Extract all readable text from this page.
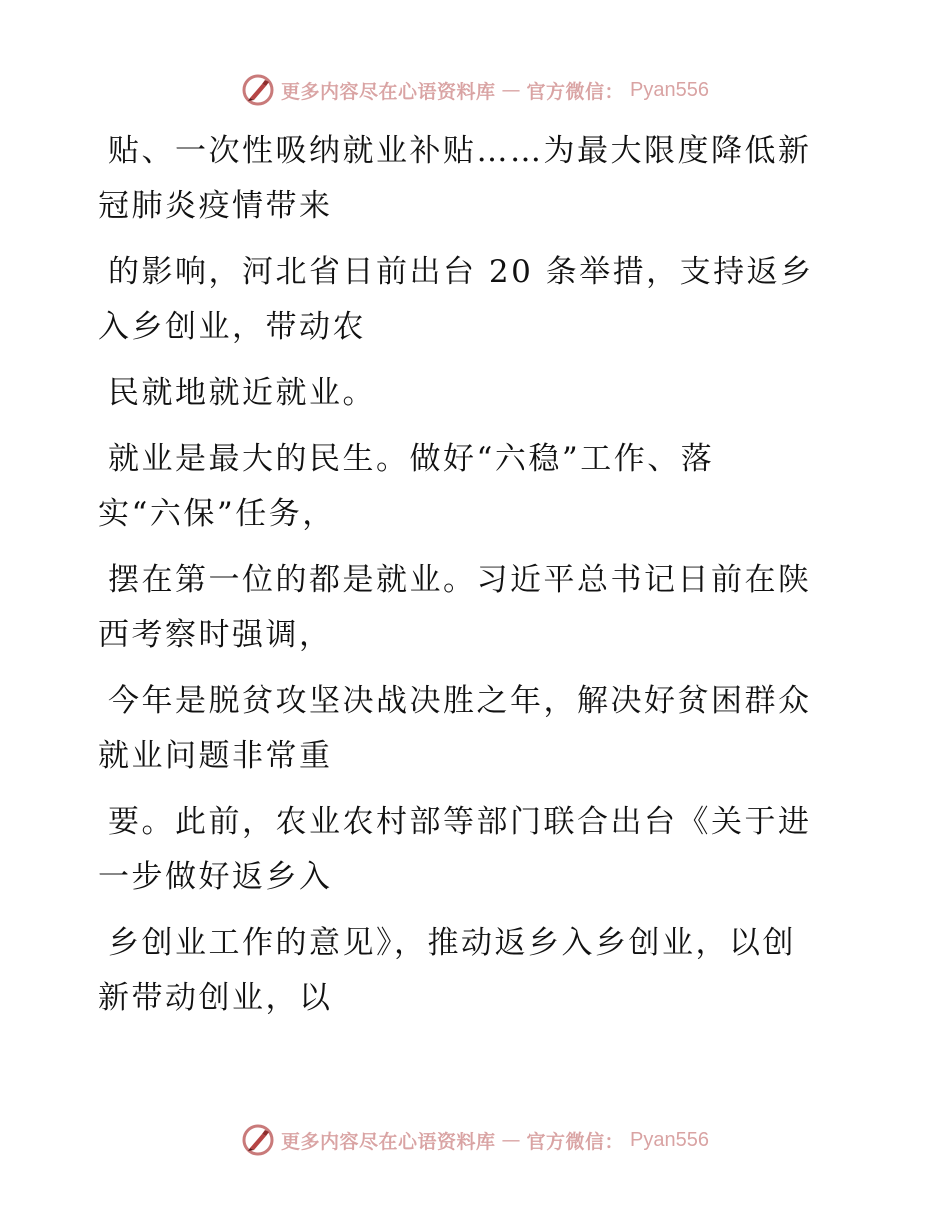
更多内容尽在心语资料库 — 官方微信： Pyan556

贴、一次性吸纳就业补贴……为最大限度降低新
冠肺炎疫情带来

的影响，河北省日前出台 20 条举措，支持返乡
入乡创业，带动农

民就地就近就业。

就业是最大的民生。做好“六稳”工作、落
实“六保”任务，

摆在第一位的都是就业。习近平总书记日前在陕
西考察时强调，

今年是脱贫攻坚决战决胜之年，解决好贫困群众
就业问题非常重

要。此前，农业农村部等部门联合出台《关于进
一步做好返乡入

乡创业工作的意见》，推动返乡入乡创业，以创
新带动创业，以

更多内容尽在心语资料库 — 官方微信： Pyan556
